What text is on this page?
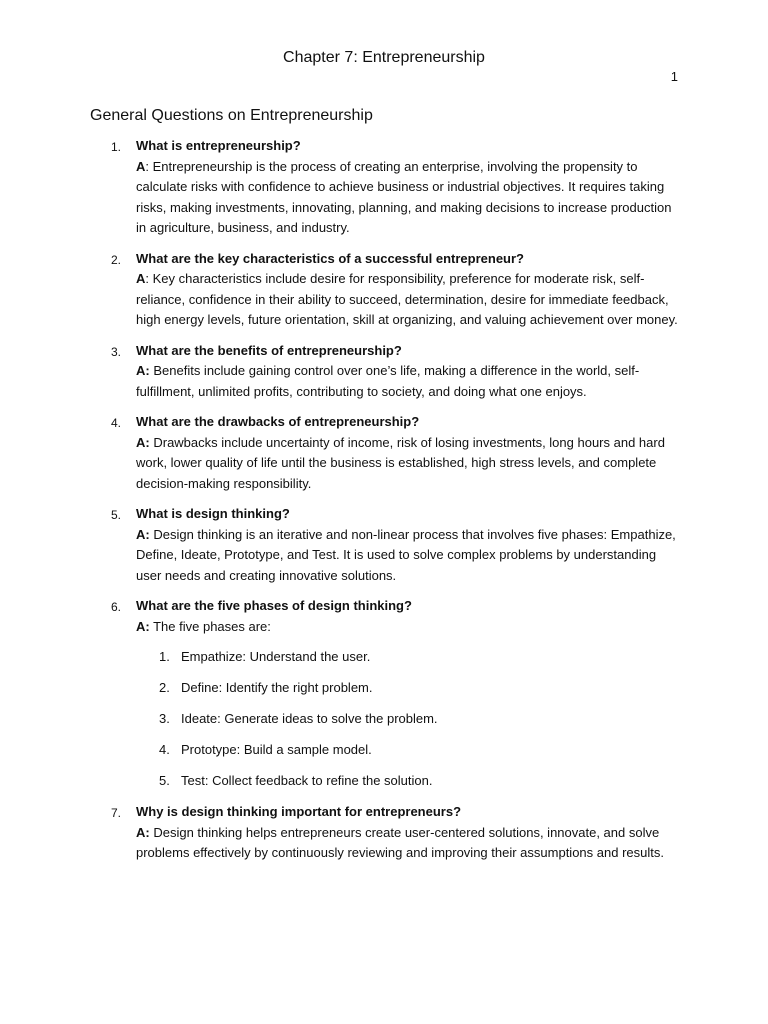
Chapter 7: Entrepreneurship
1
General Questions on Entrepreneurship
1. What is entrepreneurship?
A: Entrepreneurship is the process of creating an enterprise, involving the propensity to calculate risks with confidence to achieve business or industrial objectives. It requires taking risks, making investments, innovating, planning, and making decisions to increase production in agriculture, business, and industry.
2. What are the key characteristics of a successful entrepreneur?
A: Key characteristics include desire for responsibility, preference for moderate risk, self-reliance, confidence in their ability to succeed, determination, desire for immediate feedback, high energy levels, future orientation, skill at organizing, and valuing achievement over money.
3. What are the benefits of entrepreneurship?
A: Benefits include gaining control over one’s life, making a difference in the world, self-fulfillment, unlimited profits, contributing to society, and doing what one enjoys.
4. What are the drawbacks of entrepreneurship?
A: Drawbacks include uncertainty of income, risk of losing investments, long hours and hard work, lower quality of life until the business is established, high stress levels, and complete decision-making responsibility.
5. What is design thinking?
A: Design thinking is an iterative and non-linear process that involves five phases: Empathize, Define, Ideate, Prototype, and Test. It is used to solve complex problems by understanding user needs and creating innovative solutions.
6. What are the five phases of design thinking?
A: The five phases are:
1. Empathize: Understand the user.
2. Define: Identify the right problem.
3. Ideate: Generate ideas to solve the problem.
4. Prototype: Build a sample model.
5. Test: Collect feedback to refine the solution.
7. Why is design thinking important for entrepreneurs?
A: Design thinking helps entrepreneurs create user-centered solutions, innovate, and solve problems effectively by continuously reviewing and improving their assumptions and results.
